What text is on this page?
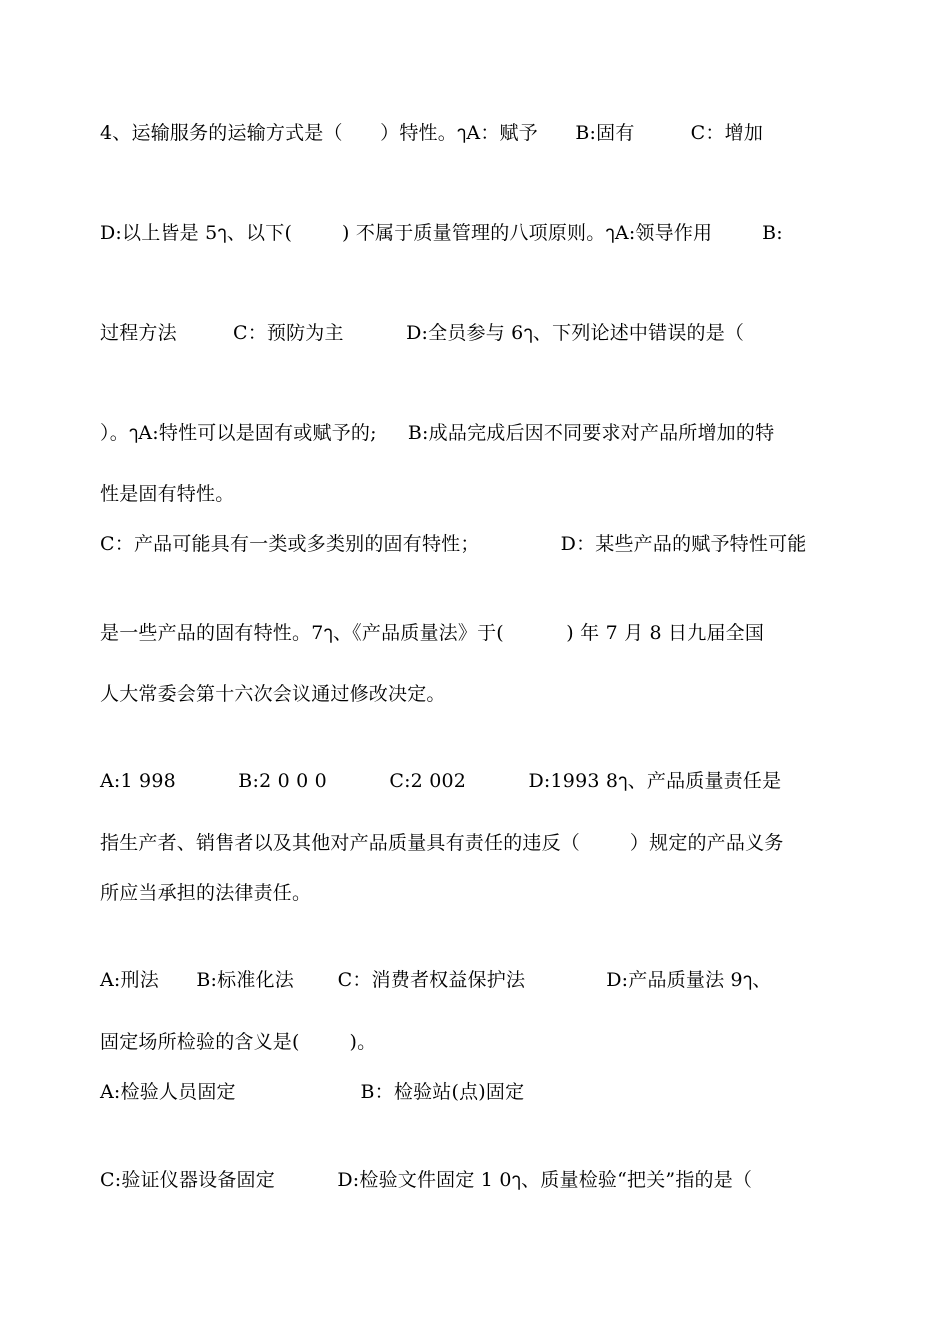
4、运输服务的运输方式是（      ）特性。ๅA：赋予      B:固有         C：增加
D:以上皆是 5ๅ、以下(        ) 不属于质量管理的八项原则。ๅA:领导作用        B:
过程方法         C：预防为主          D:全员参与 6ๅ、下列论述中错误的是（
）。ๅA:特性可以是固有或赋予的;     B:成品完成后因不同要求对产品所增加的特
性是固有特性。
C：产品可能具有一类或多类别的固有特性；             D：某些产品的赋予特性可能
是一些产品的固有特性。7ๅ、《产品质量法》于(          ) 年 7 月 8 日九届全国
人大常委会第十六次会议通过修改决定。
A:1 998          B:2 0 0 0          C:2 002          D:1993 8ๅ、产品质量责任是
指生产者、销售者以及其他对产品质量具有责任的违反（        ）规定的产品义务
所应当承担的法律责任。
A:刑法      B:标准化法       C：消费者权益保护法             D:产品质量法 9ๅ、
固定场所检验的含义是(        )。
A:检验人员固定                    B：检验站(点)固定
C:验证仪器设备固定          D:检验文件固定 1 0ๅ、质量检验“把关”指的是（
